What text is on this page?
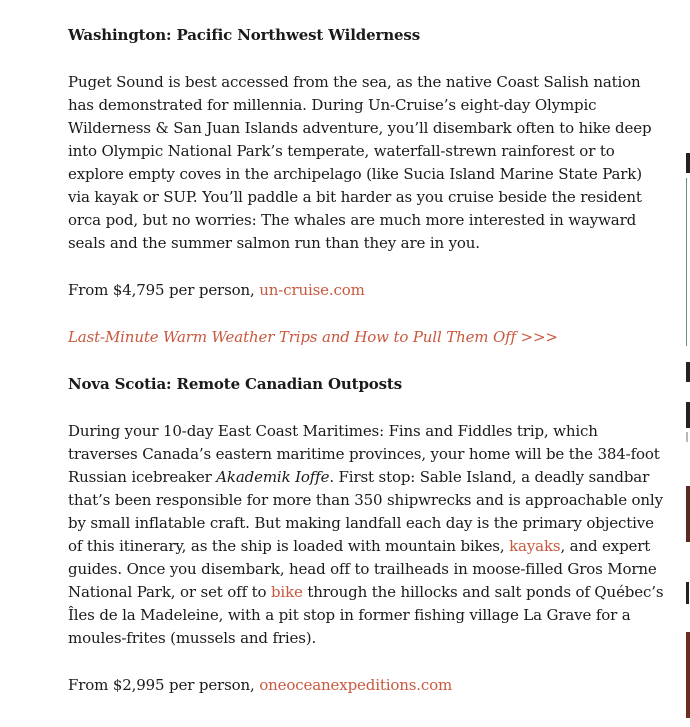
Washington: Pacific Northwest Wilderness

Puget Sound is best accessed from the sea, as the native Coast Salish nation has demonstrated for millennia. During Un-Cruise’s eight-day Olympic Wilderness & San Juan Islands adventure, you’ll disembark often to hike deep into Olympic National Park’s temperate, waterfall-strewn rainforest or to explore empty coves in the archipelago (like Sucia Island Marine State Park) via kayak or SUP. You’ll paddle a bit harder as you cruise beside the resident orca pod, but no worries: The whales are much more interested in wayward seals and the summer salmon run than they are in you.

From $4,795 per person, un-cruise.com

Last-Minute Warm Weather Trips and How to Pull Them Off >>>

Nova Scotia: Remote Canadian Outposts

During your 10-day East Coast Maritimes: Fins and Fiddles trip, which traverses Canada’s eastern maritime provinces, your home will be the 384-foot Russian icebreaker Akademik Ioffe. First stop: Sable Island, a deadly sandbar that’s been responsible for more than 350 shipwrecks and is approachable only by small inflatable craft. But making landfall each day is the primary objective of this itinerary, as the ship is loaded with mountain bikes, kayaks, and expert guides. Once you disembark, head off to trailheads in moose-filled Gros Morne National Park, or set off to bike through the hillocks and salt ponds of Québec’s Îles de la Madeleine, with a pit stop in former fishing village La Grave for a moules-frites (mussels and fries).

From $2,995 per person, oneoceanexpeditions.com
